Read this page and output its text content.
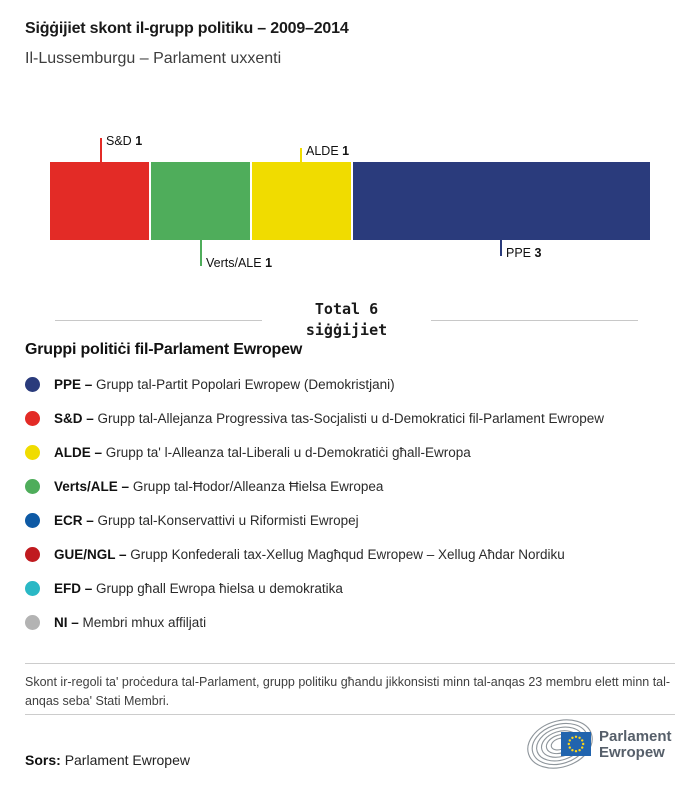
Siġġijiet skont il-grupp politiku – 2009–2014
Il-Lussemburgu – Parlament uxxenti
S&D 1
Verts/ALE 1
ALDE 1
PPE 3
Total 6
siġġijiet
Gruppi politiċi fil-Parlament Ewropew
PPE – Grupp tal-Partit Popolari Ewropew (Demokristjani)
S&D – Grupp tal-Allejanza Progressiva tas-Socjalisti u d-Demokratici fil-Parlament Ewropew
ALDE – Grupp ta' l-Alleanza tal-Liberali u d-Demokratiċi għall-Ewropa
Verts/ALE – Grupp tal-Ħodor/Alleanza Ħielsa Ewropea
ECR – Grupp tal-Konservattivi u Riformisti Ewropej
GUE/NGL – Grupp Konfederali tax-Xellug Magħqud Ewropew – Xellug Aħdar Nordiku
EFD – Grupp għall Ewropa ħielsa u demokratika
NI – Membri mhux affiljati
Skont ir-regoli ta' proċedura tal-Parlament, grupp politiku għandu jikkonsisti minn tal-anqas 23 membru elett minn tal-anqas seba' Stati Membri.
Sors: Parlament Ewropew
Parlament
Ewropew
